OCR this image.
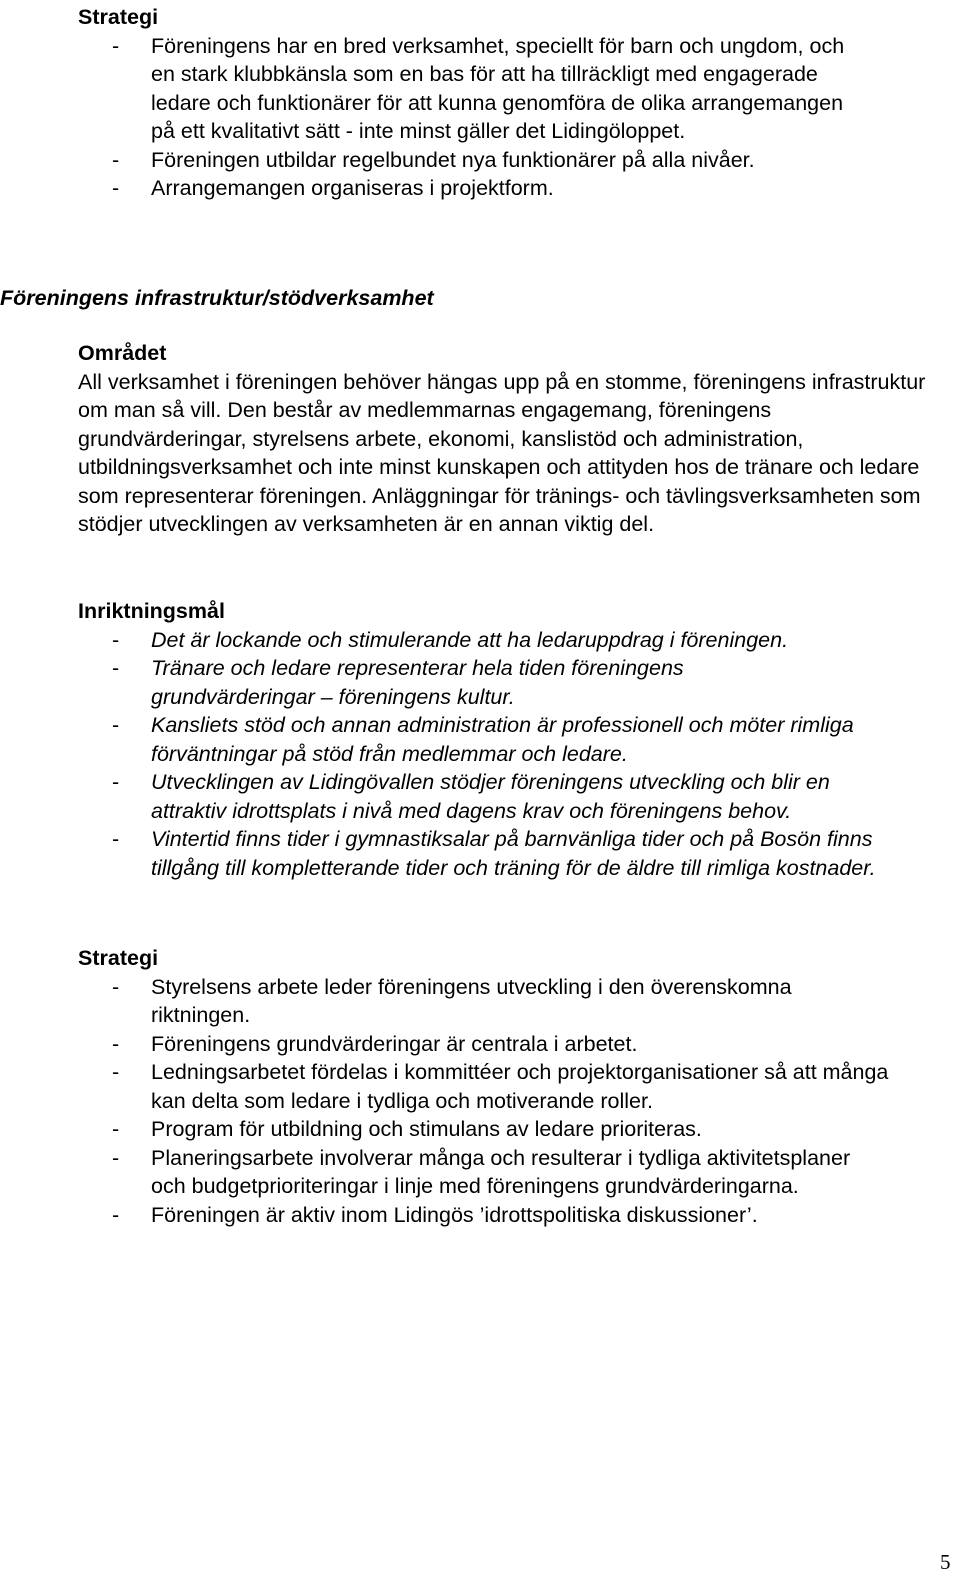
Strategi
- Föreningens har en bred verksamhet, speciellt för barn och ungdom, och en stark klubbkänsla som en bas för att ha tillräckligt med engagerade ledare och funktionärer för att kunna genomföra de olika arrangemangen på ett kvalitativt sätt - inte minst gäller det Lidingöloppet.
- Föreningen utbildar regelbundet nya funktionärer på alla nivåer.
- Arrangemangen organiseras i projektform.
Föreningens infrastruktur/stödverksamhet
Området

All verksamhet i föreningen behöver hängas upp på en stomme, föreningens infrastruktur om man så vill. Den består av medlemmarnas engagemang, föreningens grundvärderingar, styrelsens arbete, ekonomi, kanslistöd och administration, utbildningsverksamhet och inte minst kunskapen och attityden hos de tränare och ledare som representerar föreningen. Anläggningar för tränings- och tävlingsverksamheten som stödjer utvecklingen av verksamheten är en annan viktig del.

Inriktningsmål
- Det är lockande och stimulerande att ha ledaruppdrag i föreningen.
- Tränare och ledare representerar hela tiden föreningens grundvärderingar – föreningens kultur.
- Kansliets stöd och annan administration är professionell och möter rimliga förväntningar på stöd från medlemmar och ledare.
- Utvecklingen av Lidingövallen stödjer föreningens utveckling och blir en attraktiv idrottsplats i nivå med dagens krav och föreningens behov.
- Vintertid finns tider i gymnastiksalar på barnvänliga tider och på Bosön finns tillgång till kompletterande tider och träning för de äldre till rimliga kostnader.
Strategi
- Styrelsens arbete leder föreningens utveckling i den överenskomna riktningen.
- Föreningens grundvärderingar är centrala i arbetet.
- Ledningsarbetet fördelas i kommittéer och projektorganisationer så att många kan delta som ledare i tydliga och motiverande roller.
- Program för utbildning och stimulans av ledare prioriteras.
- Planeringsarbete involverar många och resulterar i tydliga aktivitetsplaner och budgetprioriteringar i linje med föreningens grundvärderingarna.
- Föreningen är aktiv inom Lidingös ’idrottspolitiska diskussioner’.
5
